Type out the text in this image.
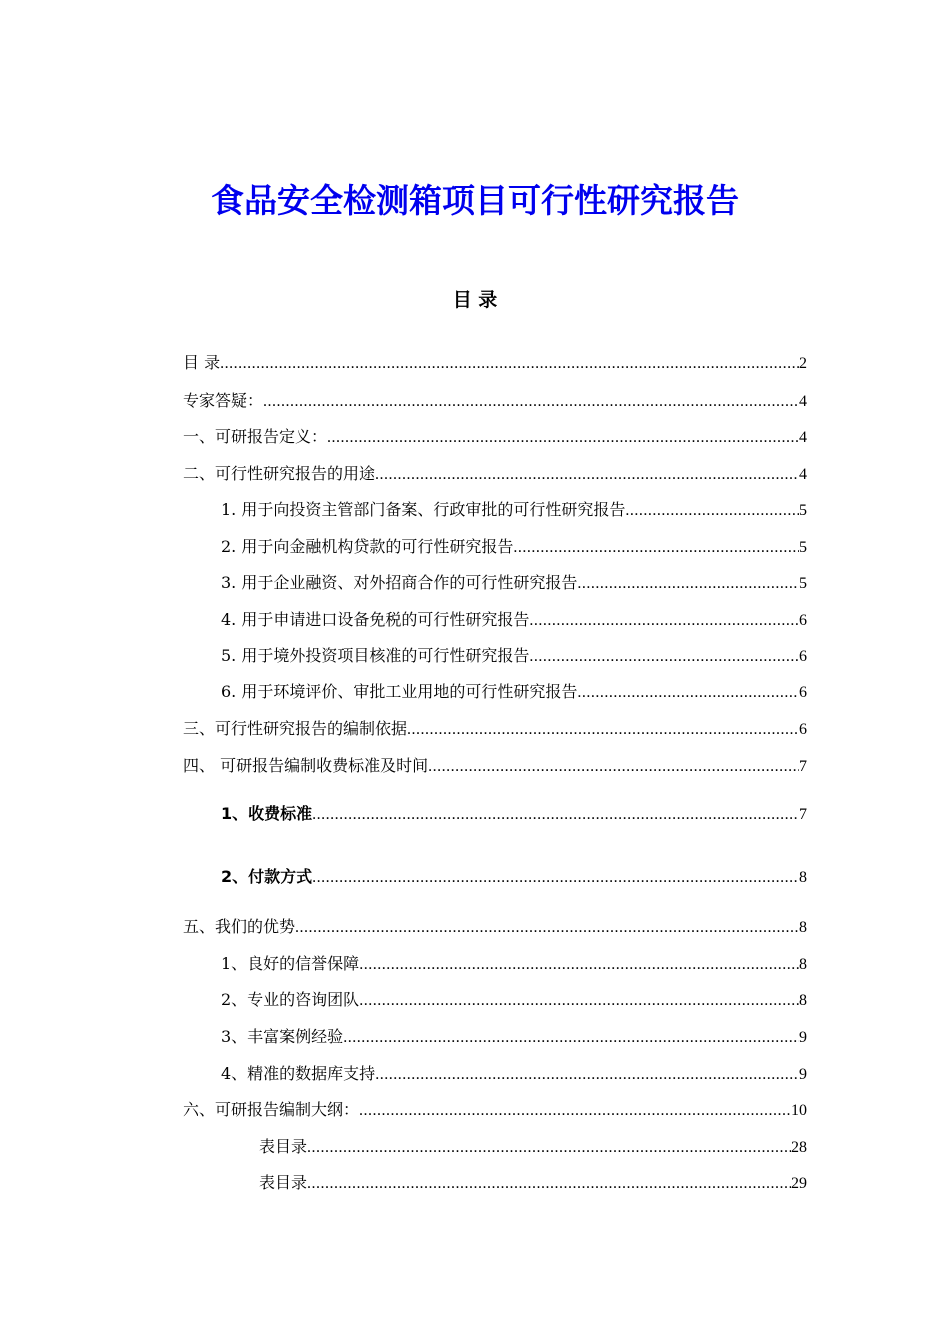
食品安全检测箱项目可行性研究报告
目 录
目 录 .....	2
专家答疑： .....	4
一、可研报告定义： .....	4
二、可行性研究报告的用途 .....	4
1. 用于向投资主管部门备案、行政审批的可行性研究报告 .....	5
2. 用于向金融机构贷款的可行性研究报告 .....	5
3. 用于企业融资、对外招商合作的可行性研究报告 .....	5
4. 用于申请进口设备免税的可行性研究报告 .....	6
5. 用于境外投资项目核准的可行性研究报告 .....	6
6. 用于环境评价、审批工业用地的可行性研究报告 .....	6
三、可行性研究报告的编制依据 .....	6
四、 可研报告编制收费标准及时间 .....	7
1、收费标准 .....	7
2、付款方式 .....	8
五、我们的优势 .....	8
1、良好的信誉保障 .....	8
2、专业的咨询团队 .....	8
3、丰富案例经验 .....	9
4、精准的数据库支持 .....	9
六、可研报告编制大纲： .....	10
表目录 .....	28
表目录 .....	29
